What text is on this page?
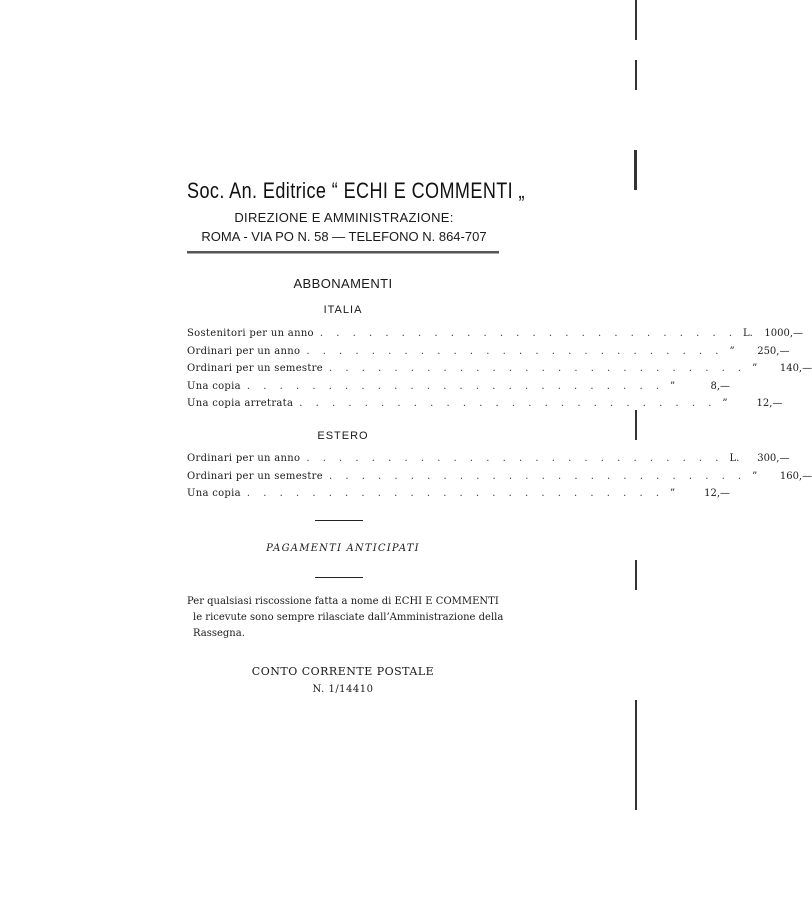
Soc. An. Editrice “ ECHI E COMMENTI „
DIREZIONE E AMMINISTRAZIONE:
ROMA - VIA PO N. 58 — TELEFONO N. 864-707
ABBONAMENTI
ITALIA
Sostenitori per un anno . . . . . . . . . . . . . . . . . . . . . . . . . . L.	1000,—
Ordinari per un anno . . . . . . . . . . . . . . . . . . . . . . . . . . ”	250,—
Ordinari per un semestre . . . . . . . . . . . . . . . . . . . . . . . . . . ”	140,—
Una copia . . . . . . . . . . . . . . . . . . . . . . . . . . ”	8,—
Una copia arretrata . . . . . . . . . . . . . . . . . . . . . . . . . . ”	12,—
ESTERO
Ordinari per un anno . . . . . . . . . . . . . . . . . . . . . . . . . . L.	300,—
Ordinari per un semestre . . . . . . . . . . . . . . . . . . . . . . . . . . ”	160,—
Una copia . . . . . . . . . . . . . . . . . . . . . . . . . . ”	12,—
PAGAMENTI ANTICIPATI
Per qualsiasi riscossione fatta a nome di ECHI E COMMENTI
le ricevute sono sempre rilasciate dall’Amministrazione della
Rassegna.
CONTO CORRENTE POSTALE
N. 1/14410
